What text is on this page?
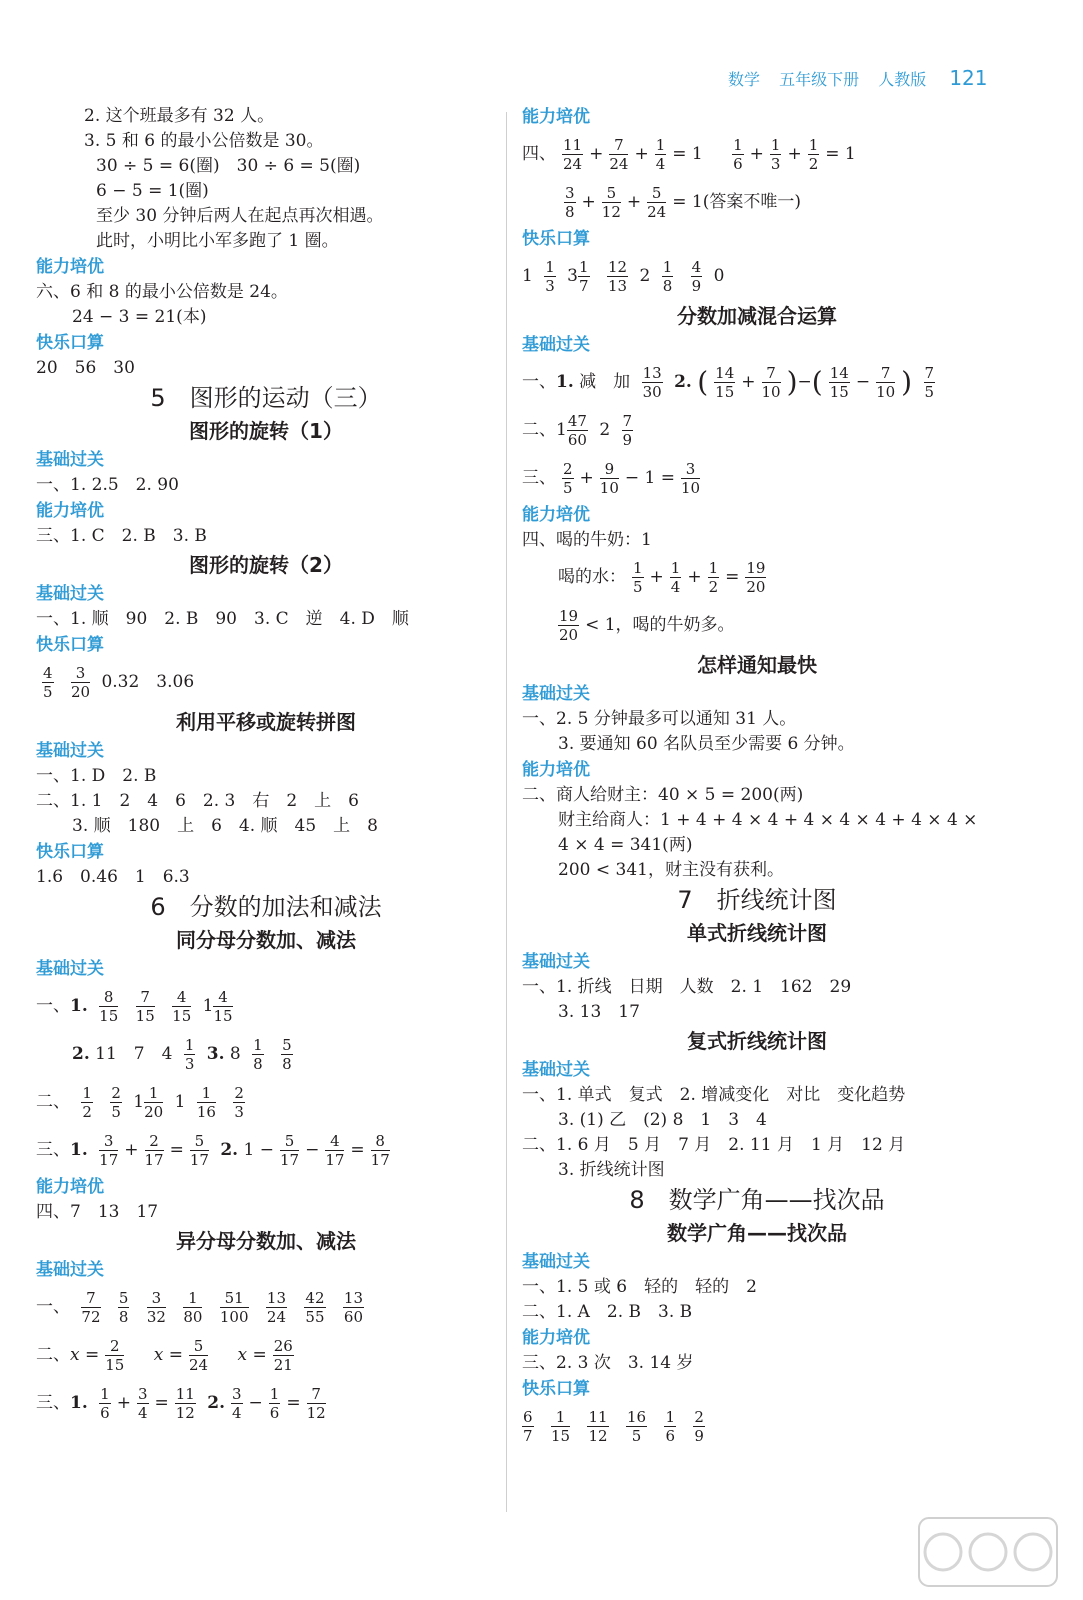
数学 五年级下册 人教版 121
2. 这个班最多有 32 人。
3. 5 和 6 的最小公倍数是 30。
30 ÷ 5 = 6(圈)　30 ÷ 6 = 5(圈)
6 − 5 = 1(圈)
至少 30 分钟后两人在起点再次相遇。
此时，小明比小军多跑了 1 圈。
能力培优
六、6 和 8 的最小公倍数是 24。
24 − 3 = 21(本)
快乐口算
20　56　30
5　图形的运动（三）
图形的旋转（1）
基础过关
一、1. 2.5　2. 90
能力培优
三、1. C　2. B　3. B
图形的旋转（2）
基础过关
一、1. 顺　90　2. B　90　3. C　逆　4. D　顺
快乐口算
$\frac{4}{5}$
$\frac{3}{20} 0.32$　3.06
利用平移或旋转拼图
基础过关
一、1. D　2. B
二、1. 1　2　4　6　2. 3　右　2　上　6
3. 顺　180　上　6　4. 顺　45　上　8
快乐口算
1.6　0.46　1　6.3
6　分数的加法和减法
同分母分数加、减法
基础过关
一、1. $\frac{8}{15}$
$\frac{7}{15}$
$\frac{4}{15} 1 \frac{4}{15}$
2. 11　7　$4 \frac{1}{3} 3$. $8 \frac{1}{8}$
$\frac{5}{8}$
二、 $\frac{1}{2}$
$\frac{2}{5} 1 \frac{1}{20} 1 \frac{1}{16}$
$\frac{2}{3}$
三、1. $\frac{3}{17} + \frac{2}{17} = \frac{5}{17} 2$. $1 - \frac{5}{17} - \frac{4}{17} = \frac{8}{17}$
能力培优
四、7　13　17
异分母分数加、减法
基础过关
一、 $\frac{7}{72}$
$\frac{5}{8}$
$\frac{3}{32}$
$\frac{1}{80}$
$\frac{51}{100}$
$\frac{13}{24}$
$\frac{42}{55}$
$\frac{13}{60}$
二、$x = \frac{2}{15}$ $x = \frac{5}{24}$ $x = \frac{26}{21}$
三、1. $\frac{1}{6} + \frac{3}{4} = \frac{11}{12} 2$. $\frac{3}{4} - \frac{1}{6} = \frac{7}{12}$
能力培优
四、 $\frac{11}{24} + \frac{7}{24} + \frac{1}{4} = 1 \frac{1}{6} + \frac{1}{3} + \frac{1}{2} = 1$
$\frac{3}{8} + \frac{5}{12} + \frac{5}{24} = 1$(答案不唯一)
快乐口算
$1 \frac{1}{3} 3 \frac{1}{7}$
$\frac{12}{13} 2 \frac{1}{8}$
$\frac{4}{9} 0$
分数加减混合运算
基础过关
一、1. 减　加 $\frac{13}{30} 2$. ( $\frac{14}{15} + \frac{7}{10}$ )−( $\frac{14}{15} - \frac{7}{10}$ ) $\frac{7}{5}$
二、$1 \frac{47}{60} 2 \frac{7}{9}$
三、 $\frac{2}{5} + \frac{9}{10} - 1 = \frac{3}{10}$
能力培优
四、喝的牛奶：1
喝的水： $\frac{1}{5} + \frac{1}{4} + \frac{1}{2} = \frac{19}{20}$
$\frac{19}{20} < 1$，喝的牛奶多。
怎样通知最快
基础过关
一、2. 5 分钟最多可以通知 31 人。
3. 要通知 60 名队员至少需要 6 分钟。
能力培优
二、商人给财主：40 × 5 = 200(两)
财主给商人：1 + 4 + 4 × 4 + 4 × 4 × 4 + 4 × 4 ×
4 × 4 = 341(两)
200 < 341，财主没有获利。
7　折线统计图
单式折线统计图
基础过关
一、1. 折线　日期　人数　2. 1　162　29
3. 13　17
复式折线统计图
基础过关
一、1. 单式　复式　2. 增减变化　对比　变化趋势
3. (1) 乙　(2) 8　1　3　4
二、1. 6 月　5 月　7 月　2. 11 月　1 月　12 月
3. 折线统计图
8　数学广角——找次品
数学广角——找次品
基础过关
一、1. 5 或 6　轻的　轻的　2
二、1. A　2. B　3. B
能力培优
三、2. 3 次　3. 14 岁
快乐口算
$\frac{6}{7}$
$\frac{1}{15}$
$\frac{11}{12}$
$\frac{16}{5}$
$\frac{1}{6}$
$\frac{2}{9}$
